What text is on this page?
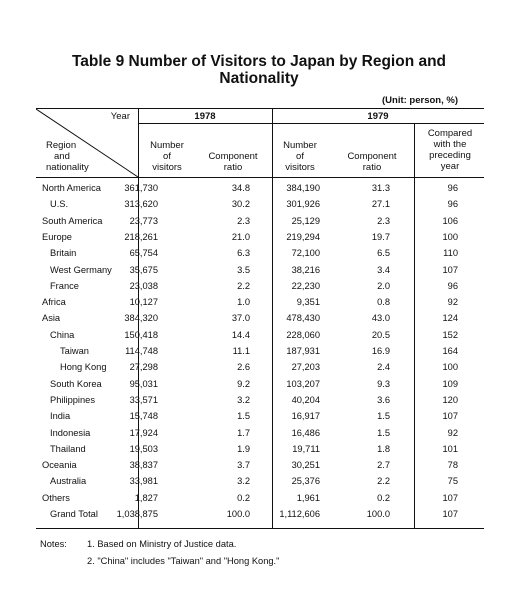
Table 9 Number of Visitors to Japan by Region and
Nationality
(Unit: person, %)
Year
Region
and
nationality
1978	1979
Number
of
visitors
Component
ratio
Number
of
visitors
Component
ratio
Compared
with the
preceding
year
North America	361,730	34.8	384,190	31.3	96
U.S.	313,620	30.2	301,926	27.1	96
South America	23,773	2.3	25,129	2.3	106
Europe	218,261	21.0	219,294	19.7	100
Britain	65,754	6.3	72,100	6.5	110
West Germany 35,675	3.5	38,216	3.4	107
France	23,038	2.2	22,230	2.0	96
Africa	10,127	1.0	9,351	0.8	92
Asia	384,320	37.0	478,430	43.0	124
China	150,418	14.4	228,060	20.5	152
Taiwan	114,748	11.1	187,931	16.9	164
Hong Kong 27,298	2.6	27,203	2.4	100
South Korea	95,031	9.2	103,207	9.3	109
Philippines	33,571	3.2	40,204	3.6	120
India	15,748	1.5	16,917	1.5	107
Indonesia	17,924	1.7	16,486	1.5	92
Thailand	19,503	1.9	19,711	1.8	101
Oceania	38,837	3.7	30,251	2.7	78
Australia	33,981	3.2	25,376	2.2	75
Others	1,827	0.2	1,961	0.2	107
Grand Total 1,038,875	100.0	1,112,606	100.0	107
Notes: 1. Based on Ministry of Justice data.
2. "China" includes "Taiwan" and "Hong Kong."
